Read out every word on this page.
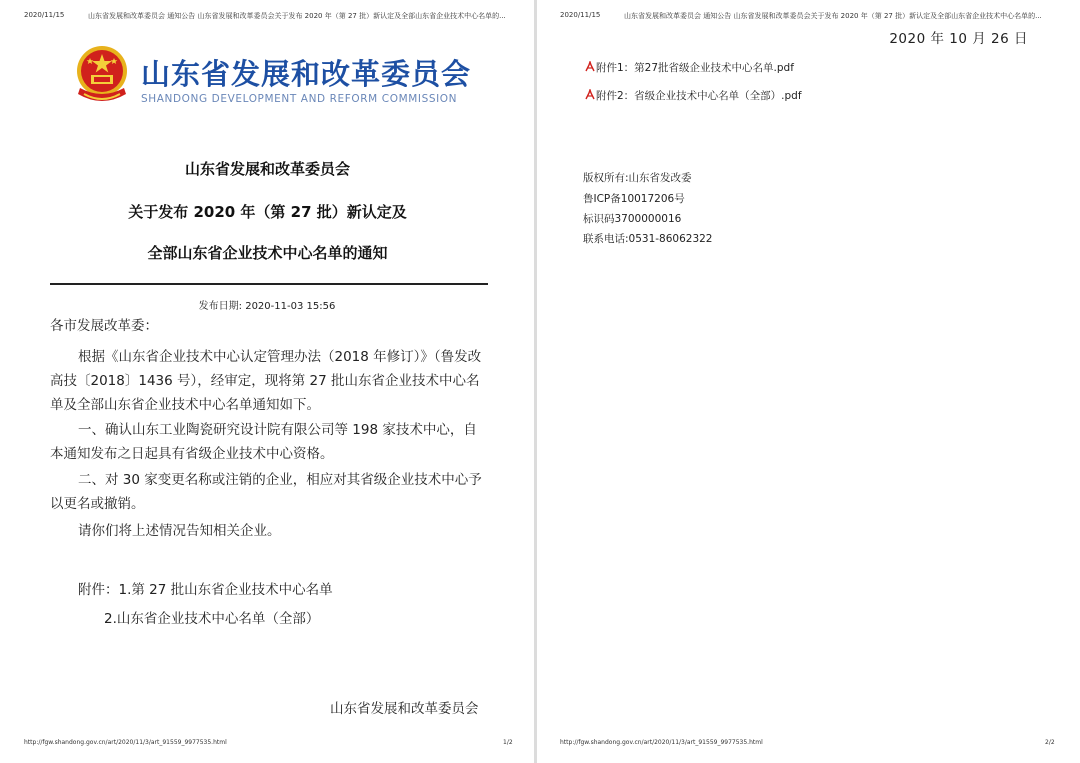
2020/11/15	山东省发展和改革委员会 通知公告 山东省发展和改革委员会关于发布 2020 年（第 27 批）新认定及全部山东省企业技术中心名单的...
山东省发展和改革委员会
SHANDONG DEVELOPMENT AND REFORM COMMISSION
山东省发展和改革委员会
关于发布 2020 年（第 27 批）新认定及
全部山东省企业技术中心名单的通知
发布日期: 2020-11-03 15:56
各市发展改革委：
根据《山东省企业技术中心认定管理办法（2018 年修订）》（鲁发改高技〔2018〕1436 号），经审定，现将第 27 批山东省企业技术中心名单及全部山东省企业技术中心名单通知如下。
一、确认山东工业陶瓷研究设计院有限公司等 198 家技术中心，自本通知发布之日起具有省级企业技术中心资格。
二、对 30 家变更名称或注销的企业，相应对其省级企业技术中心予以更名或撤销。
请你们将上述情况告知相关企业。
附件：1.第 27 批山东省企业技术中心名单
2.山东省企业技术中心名单（全部）
山东省发展和改革委员会
http://fgw.shandong.gov.cn/art/2020/11/3/art_91559_9977535.html	1/2
2020/11/15	山东省发展和改革委员会 通知公告 山东省发展和改革委员会关于发布 2020 年（第 27 批）新认定及全部山东省企业技术中心名单的...
2020 年 10 月 26 日
附件1：第27批省级企业技术中心名单.pdf
附件2：省级企业技术中心名单（全部）.pdf
版权所有:山东省发改委
鲁ICP备10017206号
标识码3700000016
联系电话:0531-86062322
http://fgw.shandong.gov.cn/art/2020/11/3/art_91559_9977535.html	2/2
